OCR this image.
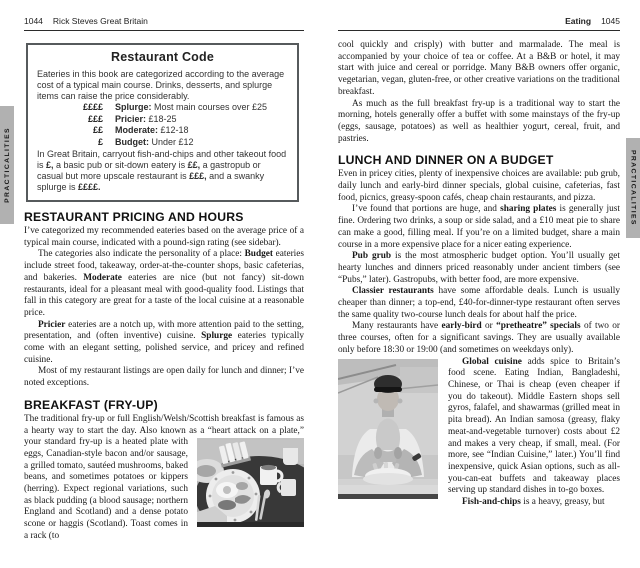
PRACTICALITIES	PRACTICALITIES
1044 Rick Steves Great Britain
Restaurant Code

Eateries in this book are categorized according to the average cost of a typical main course. Drinks, desserts, and splurge items can raise the price considerably.

££££	Splurge: Most main courses over £25
£££	Pricier: £18-25
££	Moderate: £12-18
£	Budget: Under £12

In Great Britain, carryout fish-and-chips and other takeout food is £, a basic pub or sit-down eatery is ££, a gastropub or casual but more upscale restaurant is £££, and a swanky splurge is ££££.

RESTAURANT PRICING AND HOURS

I’ve categorized my recommended eateries based on the average price of a typical main course, indicated with a pound-sign rating (see sidebar).

The categories also indicate the personality of a place: Budget eateries include street food, takeaway, order-at-the-counter shops, basic cafeterias, and bakeries. Moderate eateries are nice (but not fancy) sit-down restaurants, ideal for a pleasant meal with good-quality food. Listings that fall in this category are great for a taste of the local cuisine at a reasonable price.

Pricier eateries are a notch up, with more attention paid to the setting, presentation, and (often inventive) cuisine. Splurge eateries typically come with an elegant setting, polished service, and pricey and refined cuisine.

Most of my restaurant listings are open daily for lunch and dinner; I’ve noted exceptions.

BREAKFAST (FRY-UP)

The traditional fry-up or full English/Welsh/Scottish breakfast is famous as a hearty way to start the day. Also known as a “heart
attack on a plate,” your standard fry-up is a heated plate with eggs, Canadian-style bacon and/or sausage, a grilled tomato, sautéed mushrooms, baked beans, and sometimes potatoes or kippers (herring). Expect regional variations, such as black pudding (a blood sausage; northern England and Scotland) and a dense potato scone or haggis (Scotland). Toast comes in a rack (to

Eating 1045

cool quickly and crisply) with butter and marmalade. The meal is accompanied by your choice of tea or coffee. At a B&B or hotel, it may start with juice and cereal or porridge. Many B&B owners offer organic, vegetarian, vegan, gluten-free, or other creative variations on the traditional breakfast.

As much as the full breakfast fry-up is a traditional way to start the morning, hotels generally offer a buffet with some mainstays of the fry-up (eggs, sausage, potatoes) as well as healthier yogurt, cereal, fruit, and pastries.

LUNCH AND DINNER ON A BUDGET

Even in pricey cities, plenty of inexpensive choices are available: pub grub, daily lunch and early-bird dinner specials, global cuisine, cafeterias, fast food, picnics, greasy-spoon cafés, cheap chain restaurants, and pizza.

I’ve found that portions are huge, and sharing plates is generally just fine. Ordering two drinks, a soup or side salad, and a £10 meat pie to share can make a good, filling meal. If you’re on a limited budget, share a main course in a more expensive place for a nicer eating experience.

Pub grub is the most atmospheric budget option. You’ll usually get hearty lunches and dinners priced reasonably under ancient timbers (see “Pubs,” later). Gastropubs, with better food, are more expensive.

Classier restaurants have some affordable deals. Lunch is usually cheaper than dinner; a top-end, £40-for-dinner-type restaurant often serves the same quality two-course lunch deals for about half the price.

Many restaurants have early-bird or “pretheatre” specials of two or three courses, often for a significant savings. They are usually available only before 18:30 or 19:00 (and sometimes on weekdays only).

Global cuisine adds spice to Britain’s food scene. Eating Indian, Bangladeshi, Chinese, or Thai is cheap (even cheaper if you do takeout). Middle Eastern shops sell gyros, falafel, and shawarmas (grilled meat in pita bread). An Indian samosa (greasy, flaky meat-and-vegetable turnover) costs about £2 and makes a very cheap, if small, meal. (For more, see “Indian Cuisine,” later.) You’ll find inexpensive, quick Asian options, such as all-you-can-eat buffets and takeaway places serving up standard dishes in to-go boxes.

Fish-and-chips is a heavy, greasy, but
